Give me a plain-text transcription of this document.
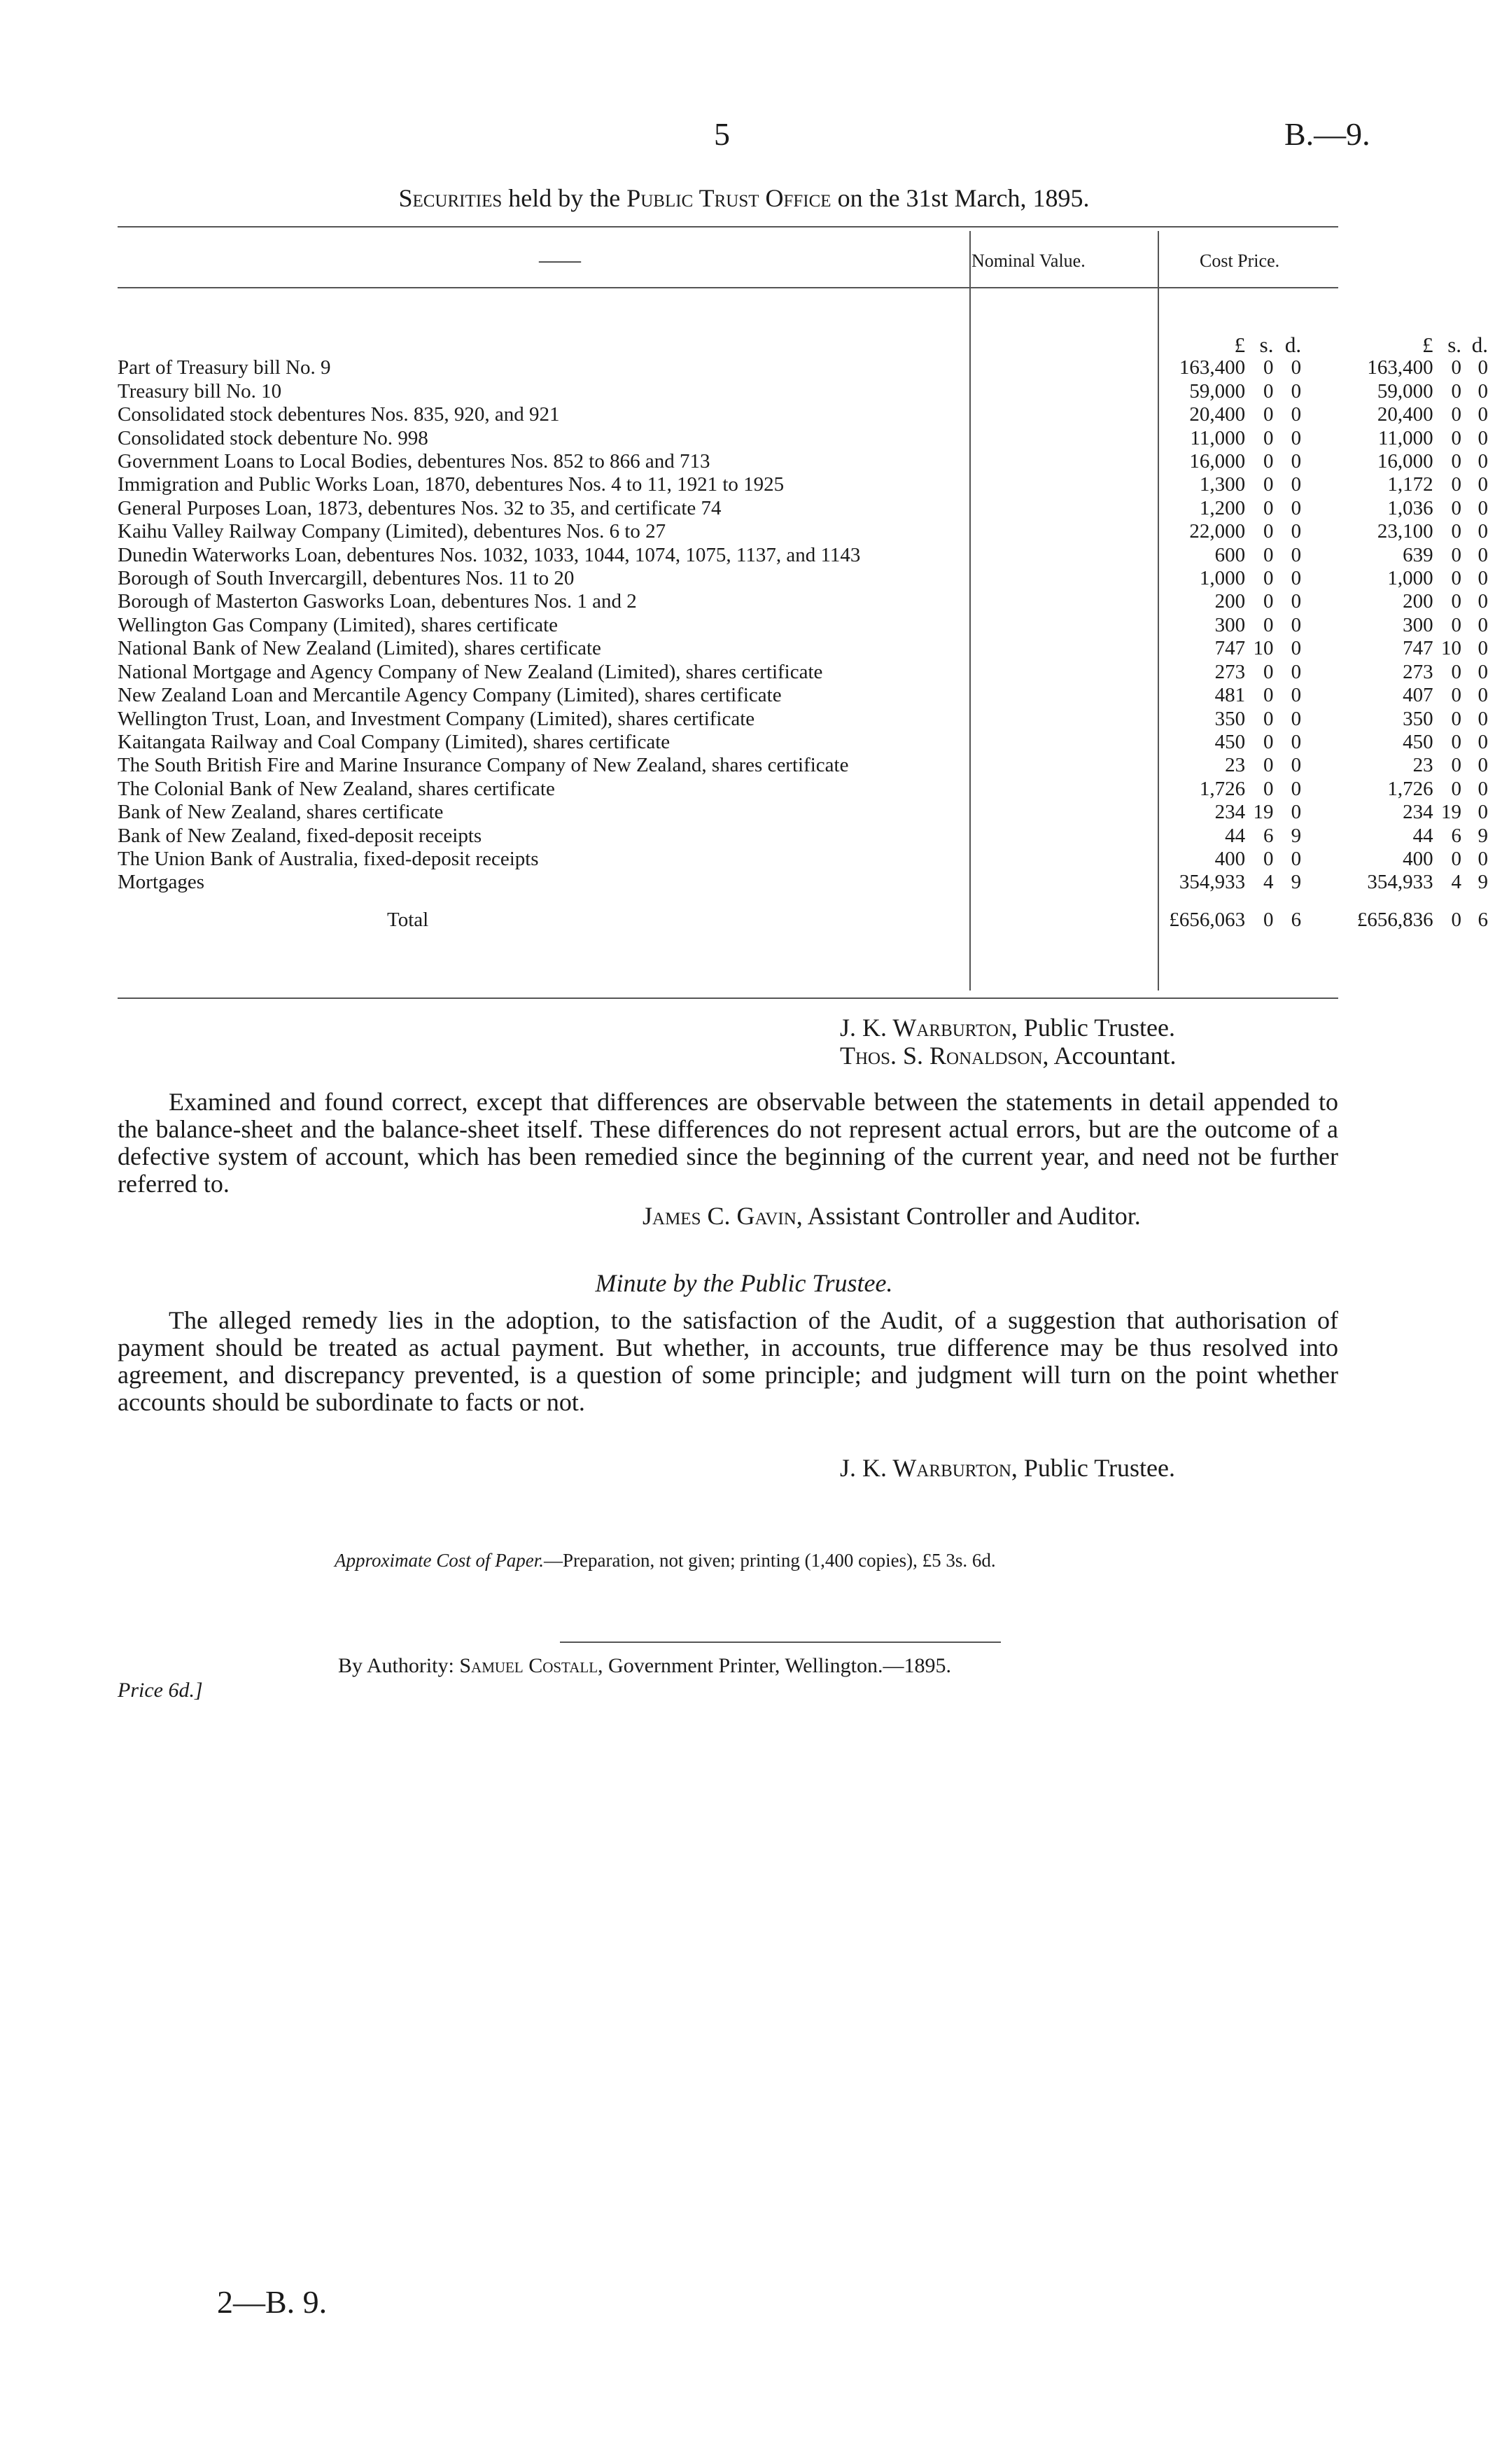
5	B.—9.
Securities held by the Public Trust Office on the 31st March, 1895.
——	Nominal Value.	Cost Price.
	£	s.	d.		£	s.	d.
Part of Treasury bill No. 9	163,400	0	0		163,400	0	0
Treasury bill No. 10	59,000	0	0		59,000	0	0
Consolidated stock debentures Nos. 835, 920, and 921	20,400	0	0		20,400	0	0
Consolidated stock debenture No. 998	11,000	0	0		11,000	0	0
Government Loans to Local Bodies, debentures Nos. 852 to 866 and 713	16,000	0	0		16,000	0	0
Immigration and Public Works Loan, 1870, debentures Nos. 4 to 11, 1921 to 1925	1,300	0	0		1,172	0	0
General Purposes Loan, 1873, debentures Nos. 32 to 35, and certificate 74	1,200	0	0		1,036	0	0
Kaihu Valley Railway Company (Limited), debentures Nos. 6 to 27	22,000	0	0		23,100	0	0
Dunedin Waterworks Loan, debentures Nos. 1032, 1033, 1044, 1074, 1075, 1137, and 1143	600	0	0		639	0	0
Borough of South Invercargill, debentures Nos. 11 to 20	1,000	0	0		1,000	0	0
Borough of Masterton Gasworks Loan, debentures Nos. 1 and 2	200	0	0		200	0	0
Wellington Gas Company (Limited), shares certificate	300	0	0		300	0	0
National Bank of New Zealand (Limited), shares certificate	747	10	0		747	10	0
National Mortgage and Agency Company of New Zealand (Limited), shares certificate	273	0	0		273	0	0
New Zealand Loan and Mercantile Agency Company (Limited), shares certificate	481	0	0		407	0	0
Wellington Trust, Loan, and Investment Company (Limited), shares certificate	350	0	0		350	0	0
Kaitangata Railway and Coal Company (Limited), shares certificate	450	0	0		450	0	0
The South British Fire and Marine Insurance Company of New Zealand, shares certificate	23	0	0		23	0	0
The Colonial Bank of New Zealand, shares certificate	1,726	0	0		1,726	0	0
Bank of New Zealand, shares certificate	234	19	0		234	19	0
Bank of New Zealand, fixed-deposit receipts	44	6	9		44	6	9
The Union Bank of Australia, fixed-deposit receipts	400	0	0		400	0	0
Mortgages	354,933	4	9		354,933	4	9
Total	£656,063	0	6		£656,836	0	6
J. K. Warburton, Public Trustee.
Thos. S. Ronaldson, Accountant.
Examined and found correct, except that differences are observable between the statements in detail appended to the balance-sheet and the balance-sheet itself. These differences do not represent actual errors, but are the outcome of a defective system of account, which has been remedied since the beginning of the current year, and need not be further referred to.
James C. Gavin, Assistant Controller and Auditor.
Minute by the Public Trustee.
The alleged remedy lies in the adoption, to the satisfaction of the Audit, of a suggestion that authorisation of payment should be treated as actual payment. But whether, in accounts, true difference may be thus resolved into agreement, and discrepancy prevented, is a question of some principle; and judgment will turn on the point whether accounts should be subordinate to facts or not.
J. K. Warburton, Public Trustee.
Approximate Cost of Paper.—Preparation, not given; printing (1,400 copies), £5 3s. 6d.
By Authority: Samuel Costall, Government Printer, Wellington.—1895.
Price 6d.]
2—B. 9.
